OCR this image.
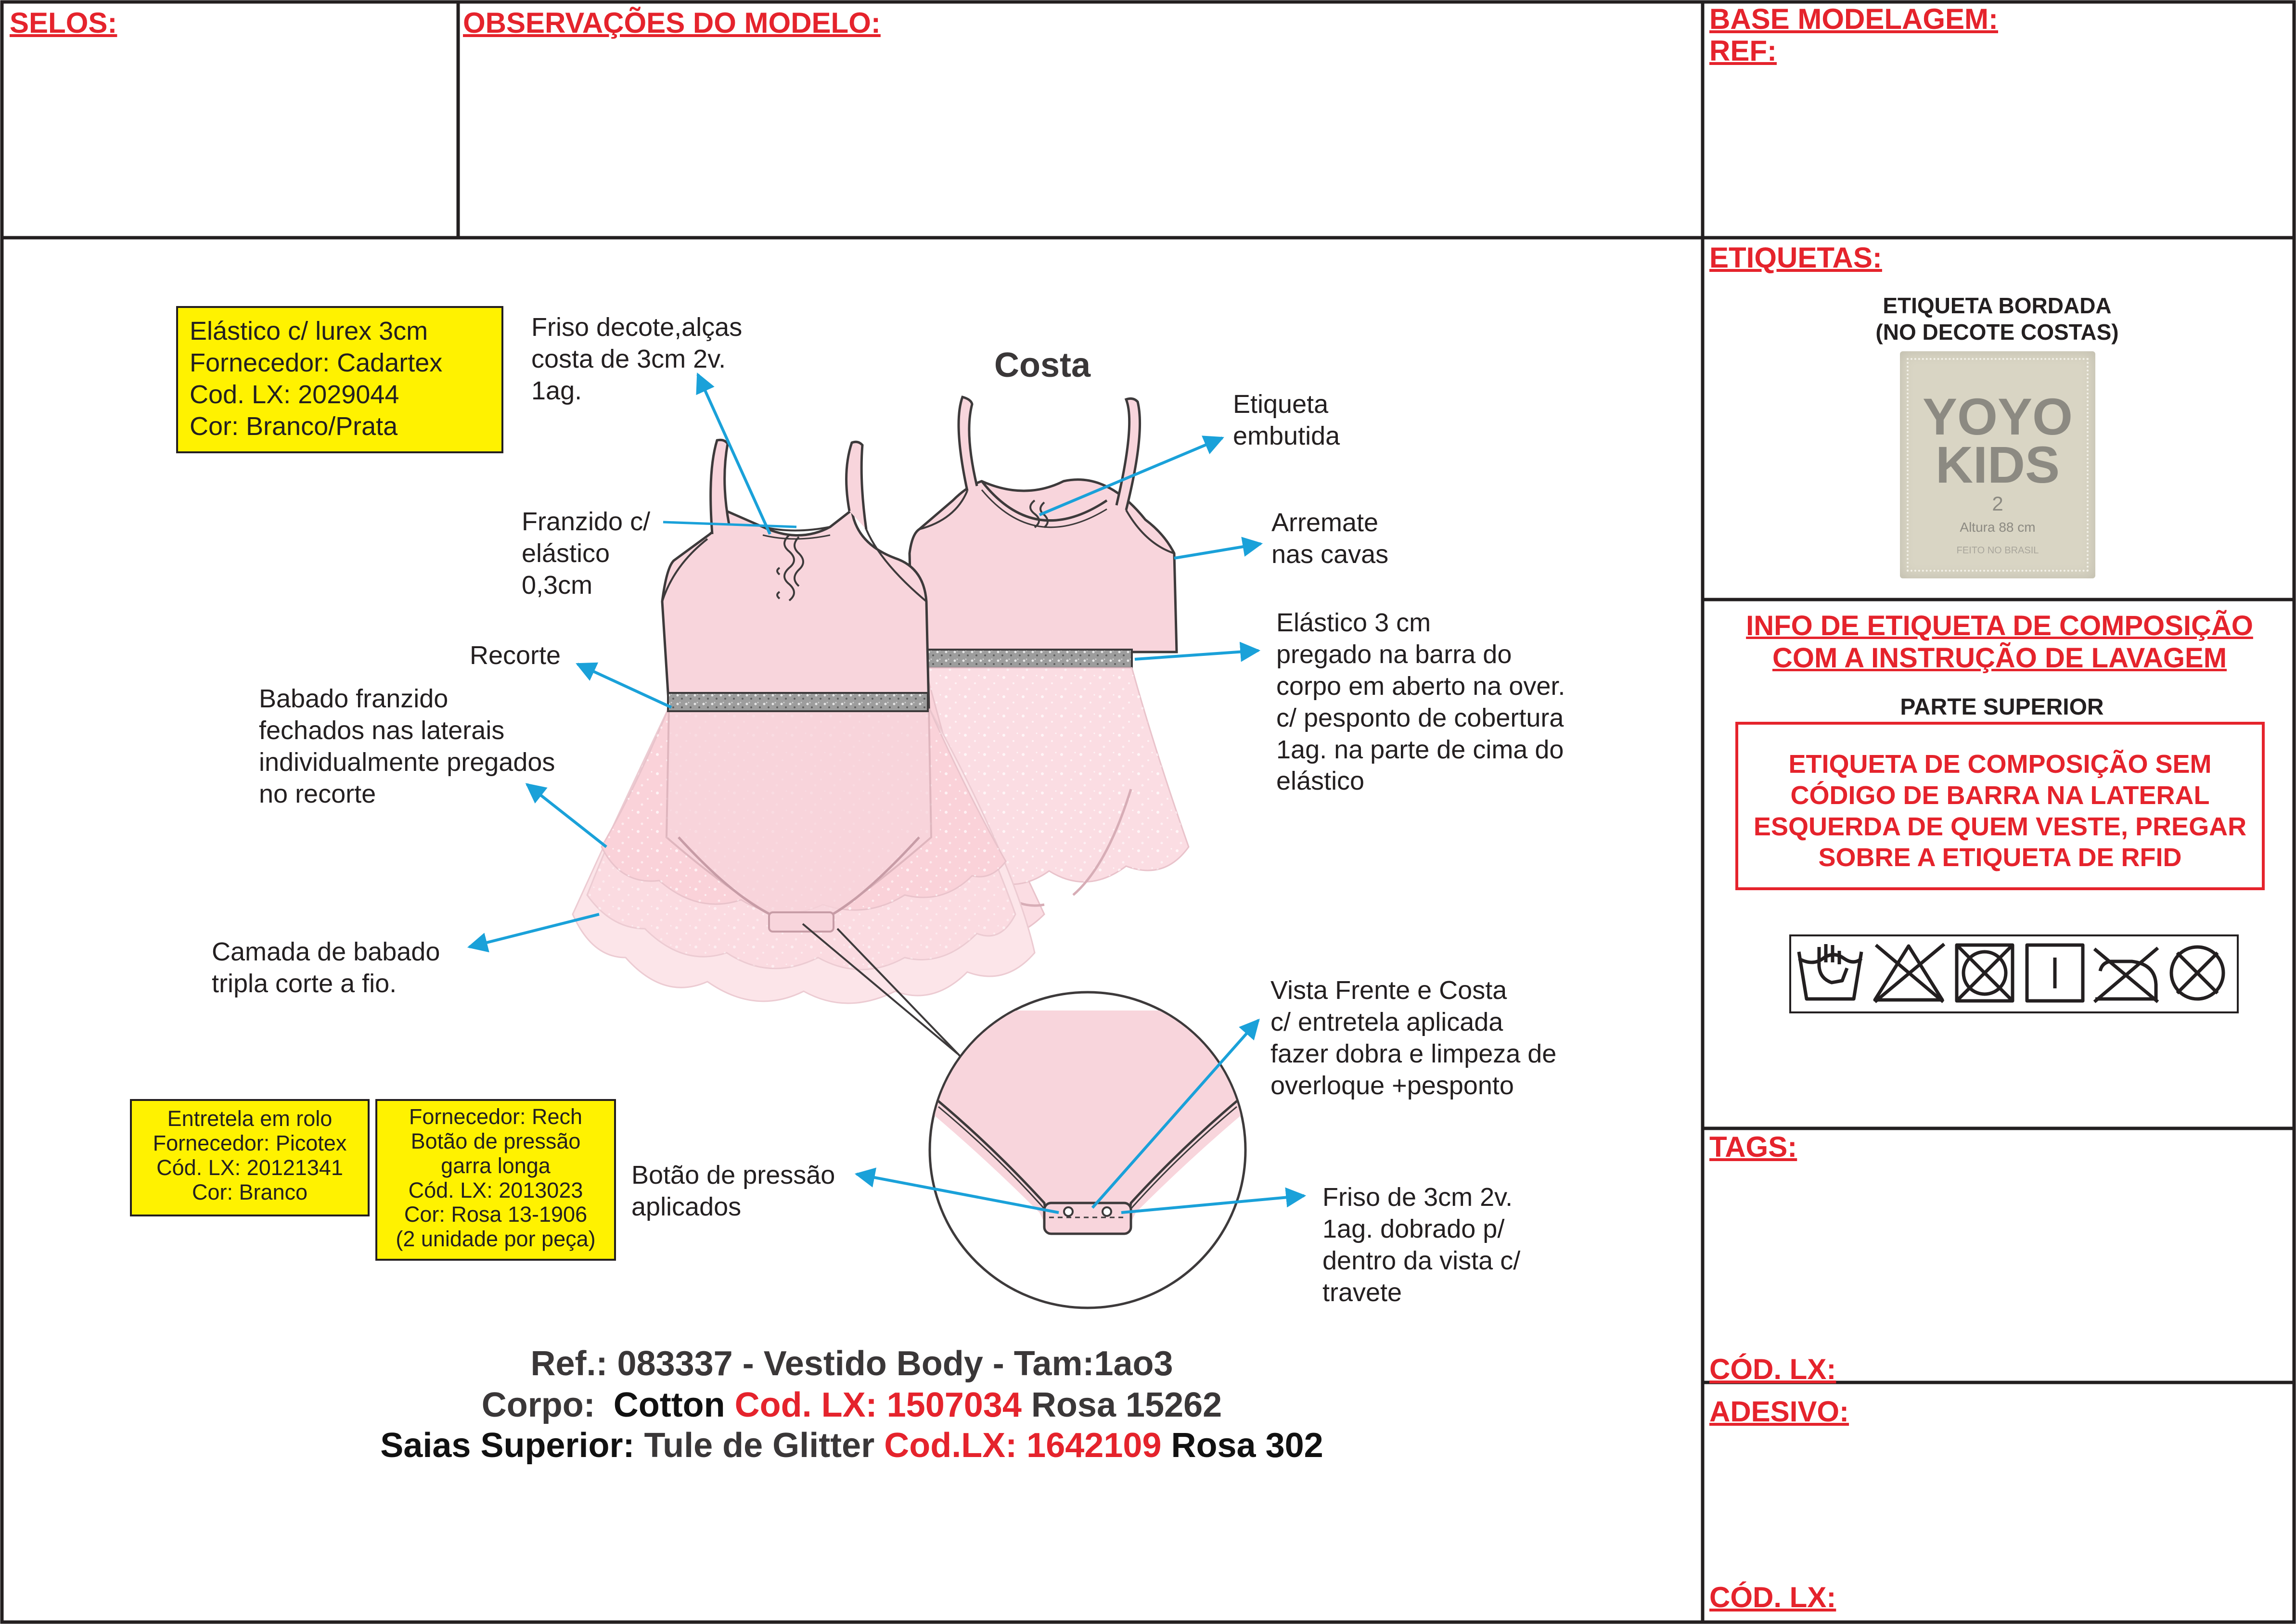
SELOS:	OBSERVAÇÕES DO MODELO:	BASE MODELAGEM:
REF:
ETIQUETAS:
ETIQUETA BORDADA
(NO DECOTE COSTAS)
YOYO
KIDS
2
Altura 88 cm
FEITO NO BRASIL
INFO DE ETIQUETA DE COMPOSIÇÃO
COM A INSTRUÇÃO DE LAVAGEM
PARTE SUPERIOR
ETIQUETA DE COMPOSIÇÃO SEM
CÓDIGO DE BARRA NA LATERAL
ESQUERDA DE QUEM VESTE, PREGAR
SOBRE A ETIQUETA DE RFID
TAGS:
CÓD. LX:
ADESIVO:
CÓD. LX:
Costa
Friso decote,alças
costa de 3cm 2v.
1ag.
Franzido c/
elástico
0,3cm
Recorte
Babado franzido
fechados nas laterais
individualmente pregados
no recorte
Camada de babado
tripla corte a fio.
Etiqueta
embutida
Arremate
nas cavas
Elástico 3 cm
pregado na barra do
corpo em aberto na over.
c/ pesponto de cobertura
1ag. na parte de cima do
elástico
Vista Frente e Costa
c/ entretela aplicada
fazer dobra e limpeza de
overloque +pesponto
Botão de pressão
aplicados	Friso de 3cm 2v.
1ag. dobrado p/
dentro da vista c/
travete
Elástico c/ lurex 3cm
Fornecedor: Cadartex
Cod. LX: 2029044
Cor: Branco/Prata
Entretela em rolo
Fornecedor: Picotex
Cód. LX: 20121341
Cor: Branco
Fornecedor: Rech
Botão de pressão
garra longa
Cód. LX: 2013023
Cor: Rosa 13-1906
(2 unidade por peça)
Ref.: 083337 - Vestido Body - Tam:1ao3
Corpo: Cotton Cod. LX: 1507034 Rosa 15262
Saias Superior: Tule de Glitter Cod.LX: 1642109 Rosa 302
